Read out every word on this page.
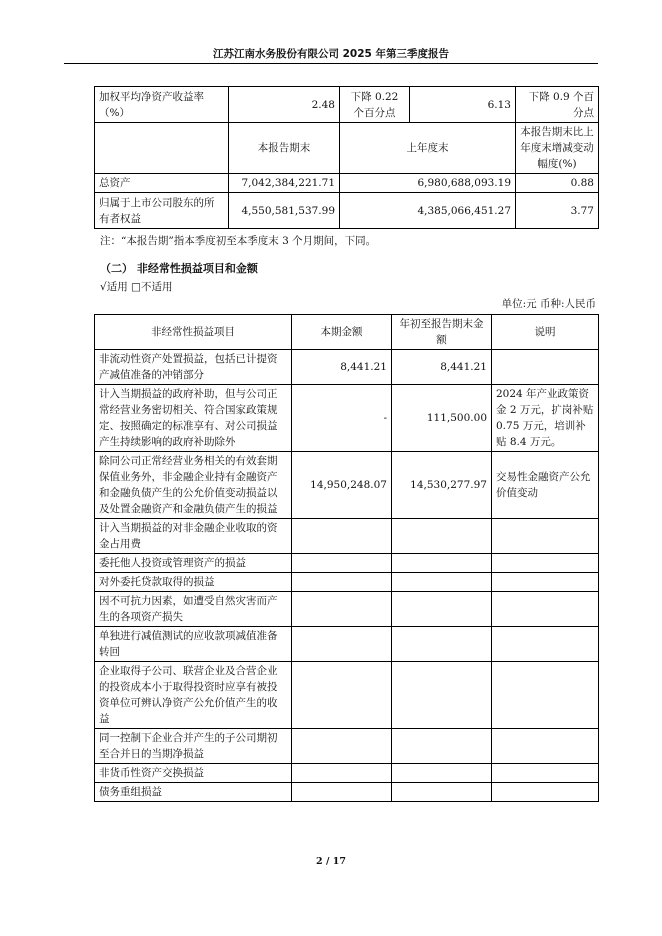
江苏江南水务股份有限公司 2025 年第三季度报告
加权平均净资产收益率（%）	2.48	下降 0.22 个百分点	6.13	下降 0.9 个百分点
	本报告期末	上年度末		本报告期末比上年度末增减变动幅度(%)
总资产	7,042,384,221.71	6,980,688,093.19		0.88
归属于上市公司股东的所有者权益	4,550,581,537.99	4,385,066,451.27		3.77
注：“本报告期”指本季度初至本季度末 3 个月期间，下同。
（二） 非经常性损益项目和金额
√适用 □不适用
单位:元 币种:人民币
非经常性损益项目	本期金额	年初至报告期末金额	说明
非流动性资产处置损益，包括已计提资产减值准备的冲销部分	8,441.21	8,441.21	
计入当期损益的政府补助，但与公司正常经营业务密切相关、符合国家政策规定、按照确定的标准享有、对公司损益产生持续影响的政府补助除外	-	111,500.00	2024 年产业政策资金 2 万元，扩岗补贴 0.75 万元，培训补贴 8.4 万元。
除同公司正常经营业务相关的有效套期保值业务外，非金融企业持有金融资产和金融负债产生的公允价值变动损益以及处置金融资产和金融负债产生的损益	14,950,248.07	14,530,277.97	交易性金融资产公允价值变动
计入当期损益的对非金融企业收取的资金占用费			
委托他人投资或管理资产的损益			
对外委托贷款取得的损益			
因不可抗力因素，如遭受自然灾害而产生的各项资产损失			
单独进行减值测试的应收款项减值准备转回			
企业取得子公司、联营企业及合营企业的投资成本小于取得投资时应享有被投资单位可辨认净资产公允价值产生的收益			
同一控制下企业合并产生的子公司期初至合并日的当期净损益			
非货币性资产交换损益			
债务重组损益			
2 / 17
